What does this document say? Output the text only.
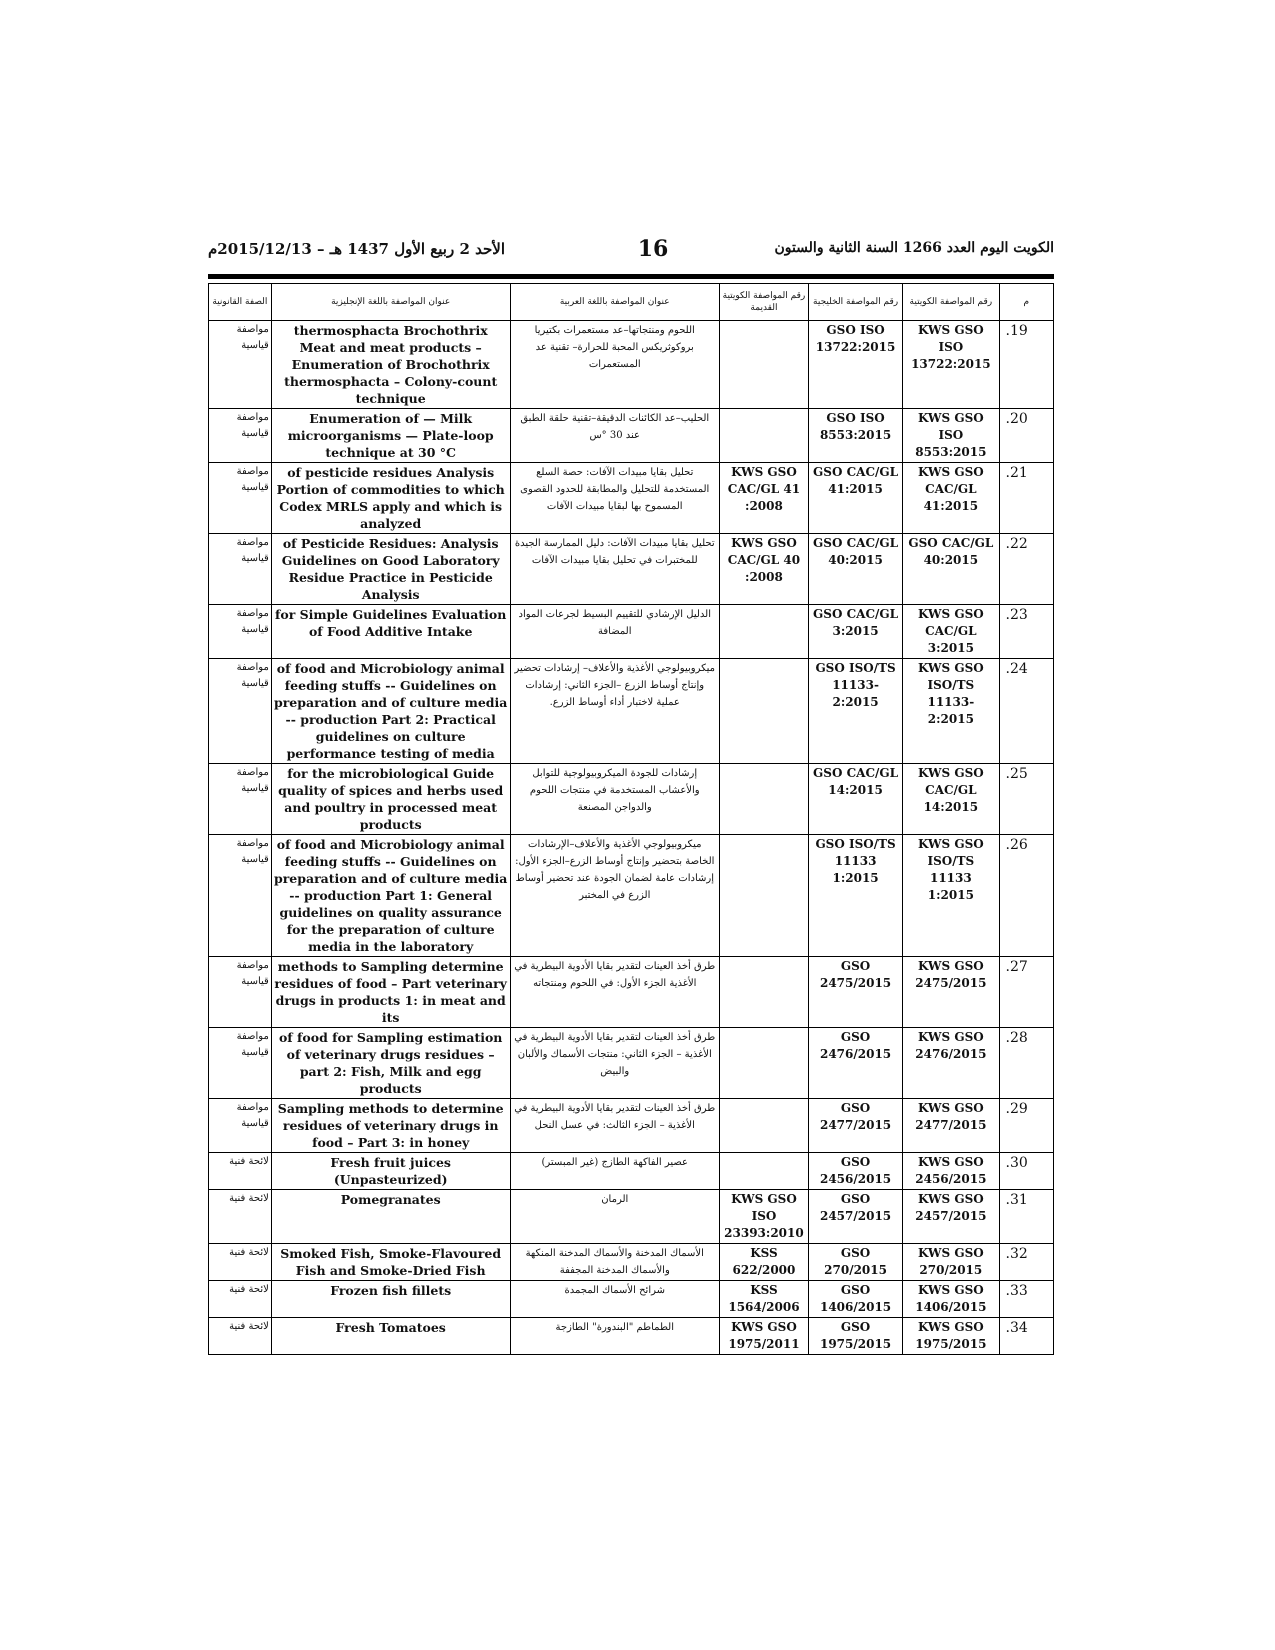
الكويت اليوم العدد 1266 السنة الثانية والستون
16
الأحد 2 ربيع الأول 1437 هـ – 2015/12/13م
الصفة القانونية	عنوان المواصفة باللغة الإنجليزية	عنوان المواصفة باللغة العربية	رقم المواصفة الكويتية القديمة	رقم المواصفة الخليجية	رقم المواصفة الكويتية	م
مواصفة قياسية	thermosphacta Brochothrix Meat and meat products – Enumeration of Brochothrix thermosphacta – Colony-count technique	اللحوم ومنتجاتها–عد مستعمرات بكتيريا بروكوثريكس المحبة للحرارة– تقنية عد المستعمرات		GSO ISO 13722:2015	KWS GSO ISO 13722:2015	.19
مواصفة قياسية	Enumeration of — Milk microorganisms — Plate-loop technique at 30 °C	الحليب–عد الكائنات الدقيقة–تقنية حلقة الطبق عند 30 °س		GSO ISO 8553:2015	KWS GSO ISO 8553:2015	.20
مواصفة قياسية	of pesticide residues Analysis Portion of commodities to which Codex MRLS apply and which is analyzed	تحليل بقايا مبيدات الآفات: حصة السلع المستخدمة للتحليل والمطابقة للحدود القصوى المسموح بها لبقايا مبيدات الآفات	KWS GSO CAC/GL 41 :2008	GSO CAC/GL 41:2015	KWS GSO CAC/GL 41:2015	.21
مواصفة قياسية	of Pesticide Residues: Analysis Guidelines on Good Laboratory Residue Practice in Pesticide Analysis	تحليل بقايا مبيدات الآفات: دليل الممارسة الجيدة للمختبرات في تحليل بقايا مبيدات الآفات	KWS GSO CAC/GL 40 :2008	GSO CAC/GL 40:2015	GSO CAC/GL 40:2015	.22
مواصفة قياسية	for Simple Guidelines Evaluation of Food Additive Intake	الدليل الإرشادي للتقييم البسيط لجرعات المواد المضافة		GSO CAC/GL 3:2015	KWS GSO CAC/GL 3:2015	.23
مواصفة قياسية	of food and Microbiology animal feeding stuffs -- Guidelines on preparation and of culture media -- production Part 2: Practical guidelines on culture performance testing of media	ميكروبيولوجي الأغذية والأعلاف– إرشادات تحضير وإنتاج أوساط الزرع –الجزء الثاني: إرشادات عملية لاختبار أداء أوساط الزرع.		GSO ISO/TS 11133-2:2015	KWS GSO ISO/TS 11133-2:2015	.24
مواصفة قياسية	for the microbiological Guide quality of spices and herbs used and poultry in processed meat products	إرشادات للجودة الميكروبيولوجية للتوابل والأعشاب المستخدمة في منتجات اللحوم والدواجن المصنعة		GSO CAC/GL 14:2015	KWS GSO CAC/GL 14:2015	.25
مواصفة قياسية	of food and Microbiology animal feeding stuffs -- Guidelines on preparation and of culture media -- production Part 1: General guidelines on quality assurance for the preparation of culture media in the laboratory	ميكروبيولوجي الأغذية والأعلاف–الإرشادات الخاصة بتحضير وإنتاج أوساط الزرع–الجزء الأول: إرشادات عامة لضمان الجودة عند تحضير أوساط الزرع في المختبر		GSO ISO/TS 11133 1:2015	KWS GSO ISO/TS 11133 1:2015	.26
مواصفة قياسية	methods to Sampling determine residues of food – Part veterinary drugs in products 1: in meat and its	طرق أخذ العينات لتقدير بقايا الأدوية البيطرية في الأغذية الجزء الأول: في اللحوم ومنتجاته		GSO 2475/2015	KWS GSO 2475/2015	.27
مواصفة قياسية	of food for Sampling estimation of veterinary drugs residues –part 2: Fish, Milk and egg products	طرق أخذ العينات لتقدير بقايا الأدوية البيطرية في الأغذية – الجزء الثاني: منتجات الأسماك والألبان والبيض		GSO 2476/2015	KWS GSO 2476/2015	.28
مواصفة قياسية	Sampling methods to determine residues of veterinary drugs in food – Part 3: in honey	طرق أخذ العينات لتقدير بقايا الأدوية البيطرية في الأغذية – الجزء الثالث: في عسل النحل		GSO 2477/2015	KWS GSO 2477/2015	.29
لائحة فنية	Fresh fruit juices (Unpasteurized)	عصير الفاكهة الطازج (غير المبستر)		GSO 2456/2015	KWS GSO 2456/2015	.30
لائحة فنية	Pomegranates	الرمان	KWS GSO ISO 23393:2010	GSO 2457/2015	KWS GSO 2457/2015	.31
لائحة فنية	Smoked Fish, Smoke-Flavoured Fish and Smoke-Dried Fish	الأسماك المدخنة والأسماك المدخنة المنكهة والأسماك المدخنة المجففة	KSS 622/2000	GSO 270/2015	KWS GSO 270/2015	.32
لائحة فنية	Frozen fish fillets	شرائح الأسماك المجمدة	KSS 1564/2006	GSO 1406/2015	KWS GSO 1406/2015	.33
لائحة فنية	Fresh Tomatoes	الطماطم "البندورة" الطازجة	KWS GSO 1975/2011	GSO 1975/2015	KWS GSO 1975/2015	.34
